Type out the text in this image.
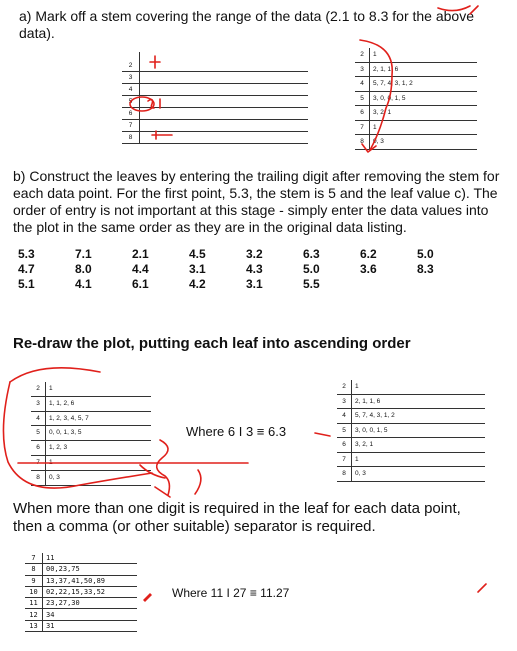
a) Mark off a stem covering the range of the data (2.1 to 8.3 for the above data).
2
3
4
5
6
7
8
2	1
3	2, 1, 1, 6
4	5, 7, 4, 3, 1, 2
5	3, 0, 0, 1, 5
6	3, 2, 1
7	1
8	0, 3
b) Construct the leaves by entering the trailing digit after removing the stem for each data point. For the first point, 5.3, the stem is 5 and the leaf value c). The order of entry is not important at this stage - simply enter the data values into the plot in the same order as they are in the original data listing.
5.3	7.1	2.1	4.5	3.2	6.3	6.2	5.0
4.7	8.0	4.4	3.1	4.3	5.0	3.6	8.3
5.1	4.1	6.1	4.2	3.1	5.5		
Re-draw the plot, putting each leaf into ascending order
2	1
3	1, 1, 2, 6
4	1, 2, 3, 4, 5, 7
5	0, 0, 1, 3, 5
6	1, 2, 3
7	1
8	0, 3
Where 6 I 3 ≡ 6.3
2	1
3	2, 1, 1, 6
4	5, 7, 4, 3, 1, 2
5	3, 0, 0, 1, 5
6	3, 2, 1
7	1
8	0, 3
When more than one digit is required in the leaf for each data point, then a comma (or other suitable) separator is required.
7	11
8	00,23,75
9	13,37,41,50,89
10	02,22,15,33,52
11	23,27,30
12	34
13	31
Where 11 I 27 ≡ 11.27
